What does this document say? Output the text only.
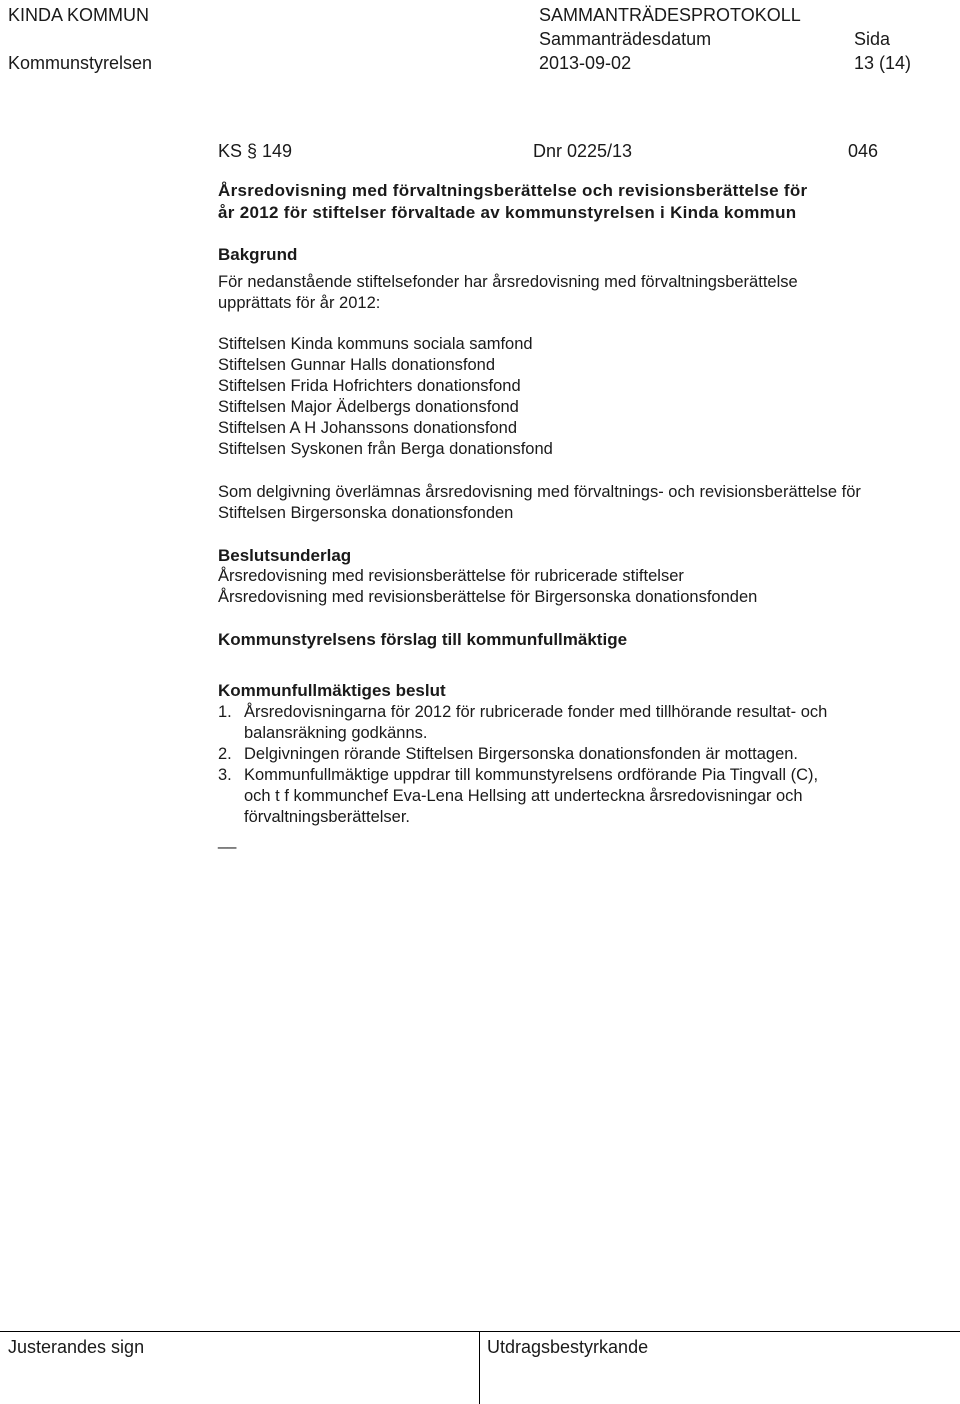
KINDA KOMMUN	SAMMANTRÄDESPROTOKOLL
Sammanträdesdatum	Sida
Kommunstyrelsen	2013-09-02	13 (14)
KS § 149	Dnr 0225/13	046
Årsredovisning med förvaltningsberättelse och revisionsberättelse för
år 2012 för stiftelser förvaltade av kommunstyrelsen i Kinda kommun
Bakgrund
För nedanstående stiftelsefonder har årsredovisning med förvaltningsberättelse
upprättats för år 2012:
Stiftelsen Kinda kommuns sociala samfond
Stiftelsen Gunnar Halls donationsfond
Stiftelsen Frida Hofrichters donationsfond
Stiftelsen Major Ädelbergs donationsfond
Stiftelsen A H Johanssons donationsfond
Stiftelsen Syskonen från Berga donationsfond
Som delgivning överlämnas årsredovisning med förvaltnings- och revisionsberättelse för
Stiftelsen Birgersonska donationsfonden
Beslutsunderlag
Årsredovisning med revisionsberättelse för rubricerade stiftelser
Årsredovisning med revisionsberättelse för Birgersonska donationsfonden
Kommunstyrelsens förslag till kommunfullmäktige
Kommunfullmäktiges beslut
1. Årsredovisningarna för 2012 för rubricerade fonder med tillhörande resultat- och
balansräkning godkänns.
2. Delgivningen rörande Stiftelsen Birgersonska donationsfonden är mottagen.
3. Kommunfullmäktige uppdrar till kommunstyrelsens ordförande Pia Tingvall (C),
och t f kommunchef Eva-Lena Hellsing att underteckna årsredovisningar och
förvaltningsberättelser.
__
Justerandes sign	Utdragsbestyrkande
